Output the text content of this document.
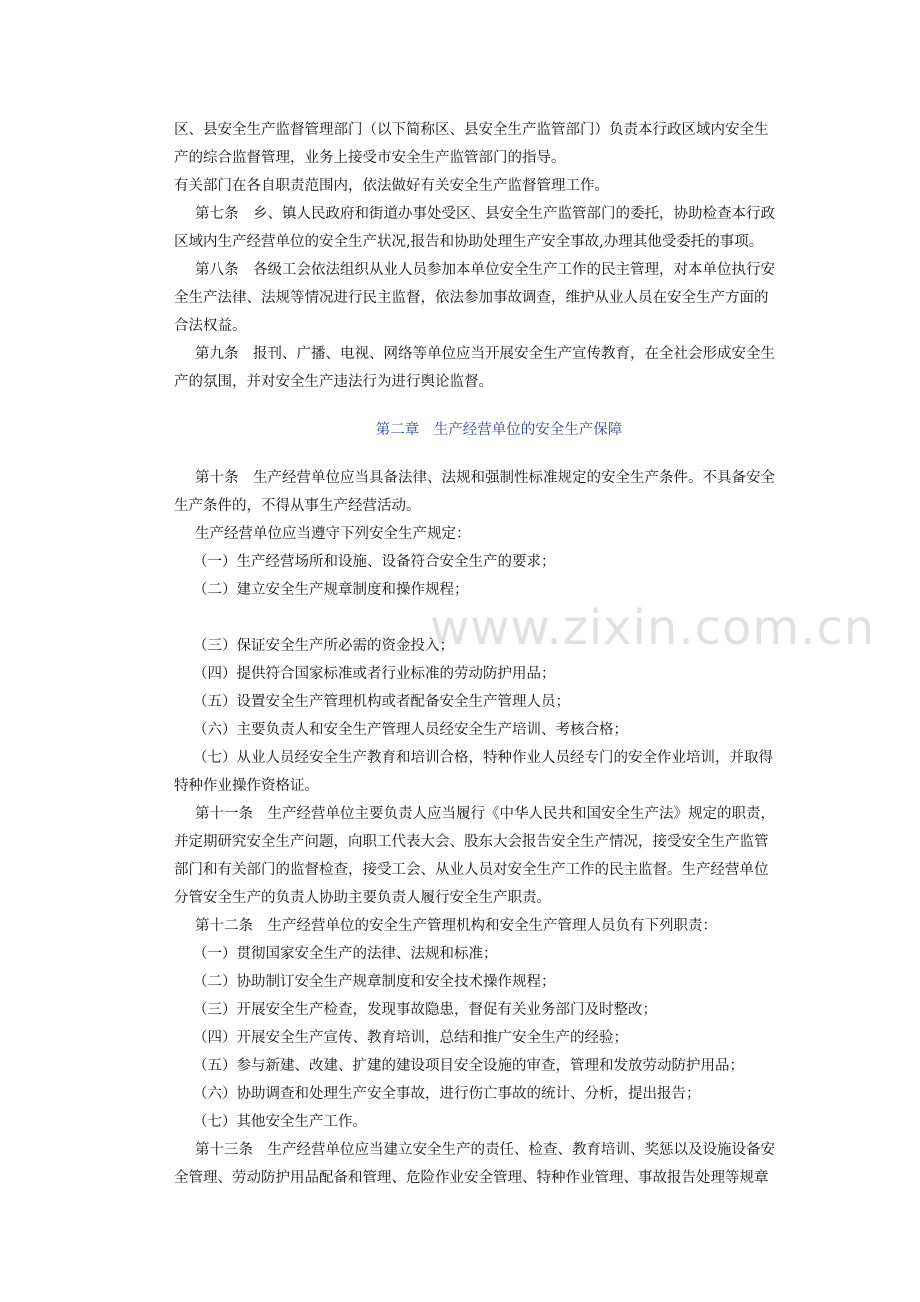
区、县安全生产监督管理部门（以下简称区、县安全生产监管部门）负责本行政区域内安全生
产的综合监督管理，业务上接受市安全生产监管部门的指导。
有关部门在各自职责范围内，依法做好有关安全生产监督管理工作。
第七条　乡、镇人民政府和街道办事处受区、县安全生产监管部门的委托，协助检查本行政
区域内生产经营单位的安全生产状况,报告和协助处理生产安全事故,办理其他受委托的事项。
第八条　各级工会依法组织从业人员参加本单位安全生产工作的民主管理，对本单位执行安
全生产法律、法规等情况进行民主监督，依法参加事故调查，维护从业人员在安全生产方面的
合法权益。
第九条　报刊、广播、电视、网络等单位应当开展安全生产宣传教育，在全社会形成安全生
产的氛围，并对安全生产违法行为进行舆论监督。
第二章　生产经营单位的安全生产保障
第十条　生产经营单位应当具备法律、法规和强制性标准规定的安全生产条件。不具备安全
生产条件的，不得从事生产经营活动。
生产经营单位应当遵守下列安全生产规定：
（一）生产经营场所和设施、设备符合安全生产的要求；
（二）建立安全生产规章制度和操作规程；
（三）保证安全生产所必需的资金投入；
（四）提供符合国家标准或者行业标准的劳动防护用品；
（五）设置安全生产管理机构或者配备安全生产管理人员；
（六）主要负责人和安全生产管理人员经安全生产培训、考核合格；
（七）从业人员经安全生产教育和培训合格，特种作业人员经专门的安全作业培训，并取得
特种作业操作资格证。
第十一条　生产经营单位主要负责人应当履行《中华人民共和国安全生产法》规定的职责，
并定期研究安全生产问题，向职工代表大会、股东大会报告安全生产情况，接受安全生产监管
部门和有关部门的监督检查，接受工会、从业人员对安全生产工作的民主监督。生产经营单位
分管安全生产的负责人协助主要负责人履行安全生产职责。
第十二条　生产经营单位的安全生产管理机构和安全生产管理人员负有下列职责：
（一）贯彻国家安全生产的法律、法规和标准；
（二）协助制订安全生产规章制度和安全技术操作规程；
（三）开展安全生产检查，发现事故隐患，督促有关业务部门及时整改；
（四）开展安全生产宣传、教育培训，总结和推广安全生产的经验；
（五）参与新建、改建、扩建的建设项目安全设施的审查，管理和发放劳动防护用品；
（六）协助调查和处理生产安全事故，进行伤亡事故的统计、分析，提出报告；
（七）其他安全生产工作。
第十三条　生产经营单位应当建立安全生产的责任、检查、教育培训、奖惩以及设施设备安
全管理、劳动防护用品配备和管理、危险作业安全管理、特种作业管理、事故报告处理等规章
www.zixin.com.cn
